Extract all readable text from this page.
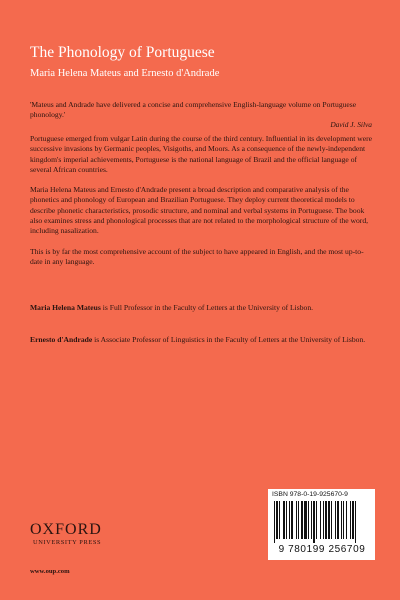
The Phonology of Portuguese

Maria Helena Mateus and Ernesto d'Andrade

'Mateus and Andrade have delivered a concise and comprehensive English-language volume on Portuguese phonology.'

David J. Silva

Portuguese emerged from vulgar Latin during the course of the third century. Influential in its development were successive invasions by Germanic peoples, Visigoths, and Moors. As a consequence of the newly-independent kingdom's imperial achievements, Portuguese is the national language of Brazil and the official language of several African countries.

Maria Helena Mateus and Ernesto d'Andrade present a broad description and comparative analysis of the phonetics and phonology of European and Brazilian Portuguese. They deploy current theoretical models to describe phonetic characteristics, prosodic structure, and nominal and verbal systems in Portuguese. The book also examines stress and phonological processes that are not related to the morphological structure of the word, including nasalization.

This is by far the most comprehensive account of the subject to have appeared in English, and the most up-to-date in any language.

Maria Helena Mateus is Full Professor in the Faculty of Letters at the University of Lisbon.

Ernesto d'Andrade is Associate Professor of Linguistics in the Faculty of Letters at the University of Lisbon.

ISBN 978-0-19-925670-9
9 780199 256709
OXFORD

UNIVERSITY PRESS

www.oup.com
